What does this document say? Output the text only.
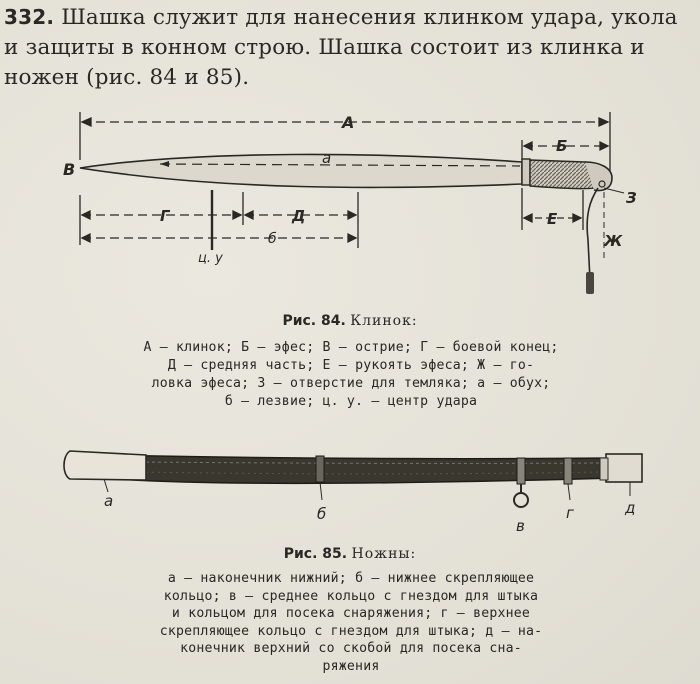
332. Шашка служит для нанесения клинком удара, укола и защиты в конном строю. Шашка состоит из клинка и ножен (рис. 84 и 85).
А
Б
а
З
Ж
Е
В
Г	Д
б
ц. у
а
б
в
г	д
Рис. 84. Клинок:
А — клинок; Б — эфес; В — острие; Г — боевой конец;
Д — средняя часть; Е — рукоять эфеса; Ж — го-
ловка эфеса; З — отверстие для темляка; а — обух;
б — лезвие; ц. у. — центр удара
Рис. 85. Ножны:
а — наконечник нижний; б — нижнее скрепляющее
кольцо; в — среднее кольцо с гнездом для штыка
и кольцом для посека снаряжения; г — верхнее
скрепляющее кольцо с гнездом для штыка; д — на-
конечник верхний со скобой для посека сна-
ряжения
